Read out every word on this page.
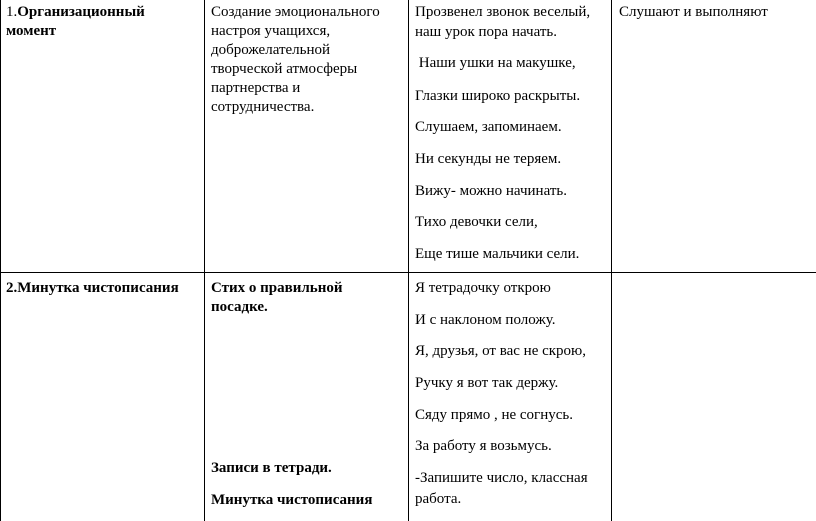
1.Организационный момент
Создание эмоционального настроя учащихся, доброжелательной творческой атмосферы партнерства и сотрудничества.
Прозвенел звонок веселый,
наш урок пора начать.
Наши ушки на макушке,
Глазки широко раскрыты.
Слушаем, запоминаем.
Ни секунды не теряем.
Вижу- можно начинать.
Тихо девочки сели,
Еще тише мальчики сели.
Слушают и выполняют
2.Минутка чистописания	Стих о правильной посадке.
Записи в тетради.
Минутка чистописания
Я тетрадочку открою
И с наклоном положу.
Я, друзья, от вас не скрою,
Ручку я вот так держу.
Сяду прямо , не согнусь.
За работу я возьмусь.
-Запишите число, классная
работа.
